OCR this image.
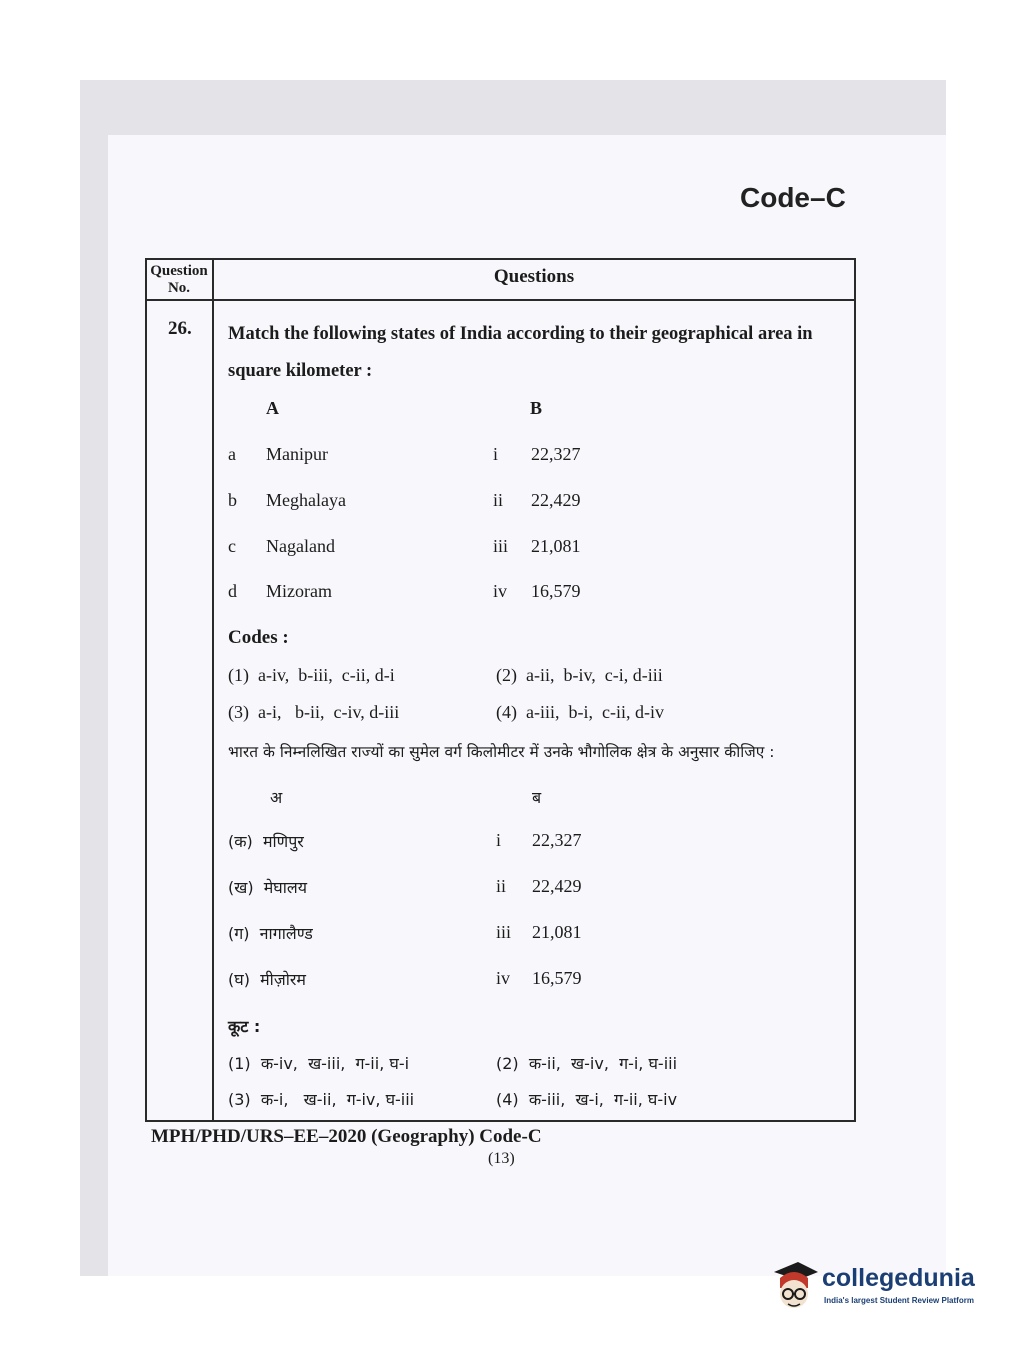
Code–C
Question
No.
Questions
26. Match the following states of India according to their geographical area in square kilometer :
A	B
a Manipur	i 22,327
b Meghalaya	ii 22,429
c Nagaland	iii 21,081
d Mizoram	iv 16,579
Codes :
(1)  a-iv,  b-iii,  c-ii, d-i	(2)  a-ii,  b-iv,  c-i, d-iii
(3)  a-i,   b-ii,  c-iv, d-iii	(4)  a-iii,  b-i,  c-ii, d-iv
भारत के निम्नलिखित राज्यों का सुमेल वर्ग किलोमीटर में उनके भौगोलिक क्षेत्र के अनुसार कीजिए :
अ	ब
(क)  मणिपुर	i 22,327
(ख)  मेघालय	ii 22,429
(ग)  नागालैण्ड	iii 21,081
(घ)  मीज़ोरम	iv 16,579
कूट :
(1)  क-iv,  ख-iii,  ग-ii, घ-i	(2)  क-ii,  ख-iv,  ग-i, घ-iii
(3)  क-i,   ख-ii,  ग-iv, घ-iii	(4)  क-iii,  ख-i,  ग-ii, घ-iv
MPH/PHD/URS–EE–2020 (Geography) Code-C
(13)
collegedunia
India's largest Student Review Platform
